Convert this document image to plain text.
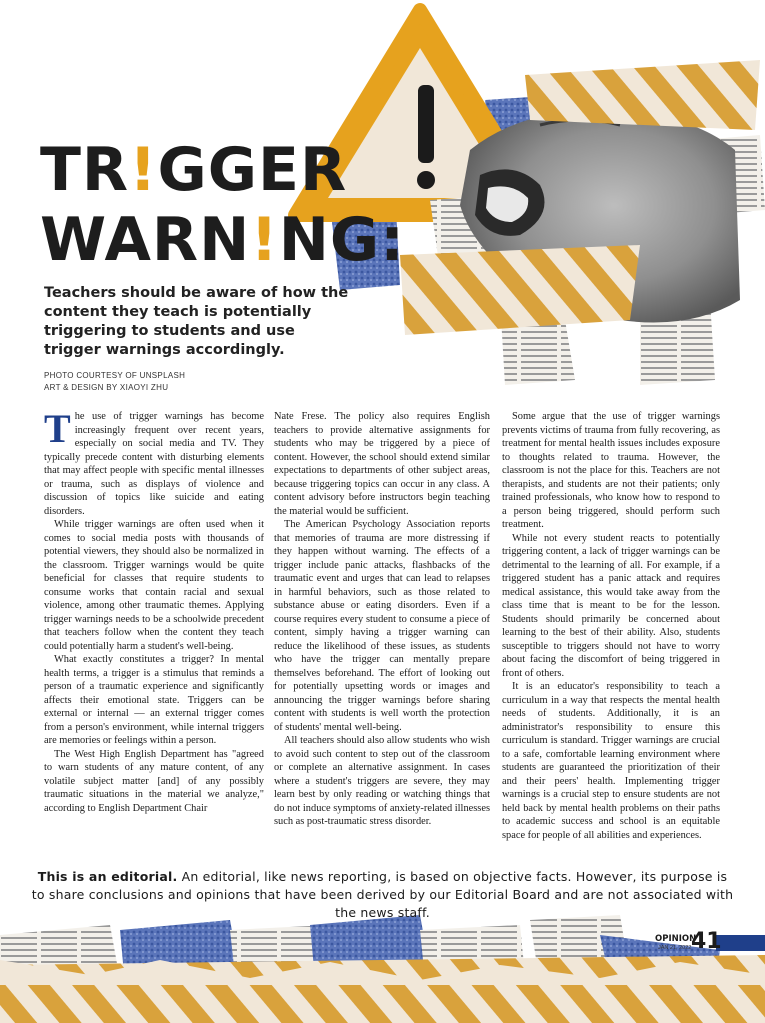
TR!GGER
WARN!NG:
Teachers should be aware of how the content they teach is potentially triggering to students and use trigger warnings accordingly.
PHOTO COURTESY OF UNSPLASH
ART & DESIGN BY XIAOYI ZHU

The use of trigger warnings has become increasingly frequent over recent years, especially on social media and TV. They typically precede content with disturbing elements that may affect people with specific mental illnesses or trauma, such as displays of violence and discussion of topics like suicide and eating disorders.

While trigger warnings are often used when it comes to social media posts with thousands of potential viewers, they should also be normalized in the classroom. Trigger warnings would be quite beneficial for classes that require students to consume works that contain racial and sexual violence, among other traumatic themes. Applying trigger warnings needs to be a schoolwide precedent that teachers follow when the content they teach could potentially harm a student's well-being.

What exactly constitutes a trigger? In mental health terms, a trigger is a stimulus that reminds a person of a traumatic experience and significantly affects their emotional state. Triggers can be external or internal — an external trigger comes from a person's environment, while internal triggers are memories or feelings within a person.

The West High English Department has "agreed to warn students of any mature content, of any volatile subject matter [and] of any possibly traumatic situations in the material we analyze," according to English Department Chair

Nate Frese. The policy also requires English teachers to provide alternative assignments for students who may be triggered by a piece of content. However, the school should extend similar expectations to departments of other subject areas, because triggering topics can occur in any class. A content advisory before instructors begin teaching the material would be sufficient.

The American Psychology Association reports that memories of trauma are more distressing if they happen without warning. The effects of a trigger include panic attacks, flashbacks of the traumatic event and urges that can lead to relapses in harmful behaviors, such as those related to substance abuse or eating disorders. Even if a course requires every student to consume a piece of content, simply having a trigger warning can reduce the likelihood of these issues, as students who have the trigger can mentally prepare themselves beforehand. The effort of looking out for potentially upsetting words or images and announcing the trigger warnings before sharing content with students is well worth the protection of students' mental well-being.

All teachers should also allow students who wish to avoid such content to step out of the classroom or complete an alternative assignment. In cases where a student's triggers are severe, they may learn best by only reading or watching things that do not induce symptoms of anxiety-related illnesses such as post-traumatic stress disorder.

Some argue that the use of trigger warnings prevents victims of trauma from fully recovering, as treatment for mental health issues includes exposure to thoughts related to trauma. However, the classroom is not the place for this. Teachers are not therapists, and students are not their patients; only trained professionals, who know how to respond to a person being triggered, should perform such treatment.

While not every student reacts to potentially triggering content, a lack of trigger warnings can be detrimental to the learning of all. For example, if a triggered student has a panic attack and requires medical assistance, this would take away from the class time that is meant to be for the lesson. Students should primarily be concerned about learning to the best of their ability. Also, students susceptible to triggers should not have to worry about facing the discomfort of being triggered in front of others.

It is an educator's responsibility to teach a curriculum in a way that respects the mental health needs of students. Additionally, it is an administrator's responsibility to ensure this curriculum is standard. Trigger warnings are crucial to a safe, comfortable learning environment where students are guaranteed the prioritization of their and their peers' health. Implementing trigger warnings is a crucial step to ensure students are not held back by mental health problems on their paths to academic success and school is an equitable space for people of all abilities and experiences.

This is an editorial. An editorial, like news reporting, is based on objective facts. However, its purpose is to share conclusions and opinions that have been derived by our Editorial Board and are not associated with the news staff.
OPINION
JAN 21, 2022 41
